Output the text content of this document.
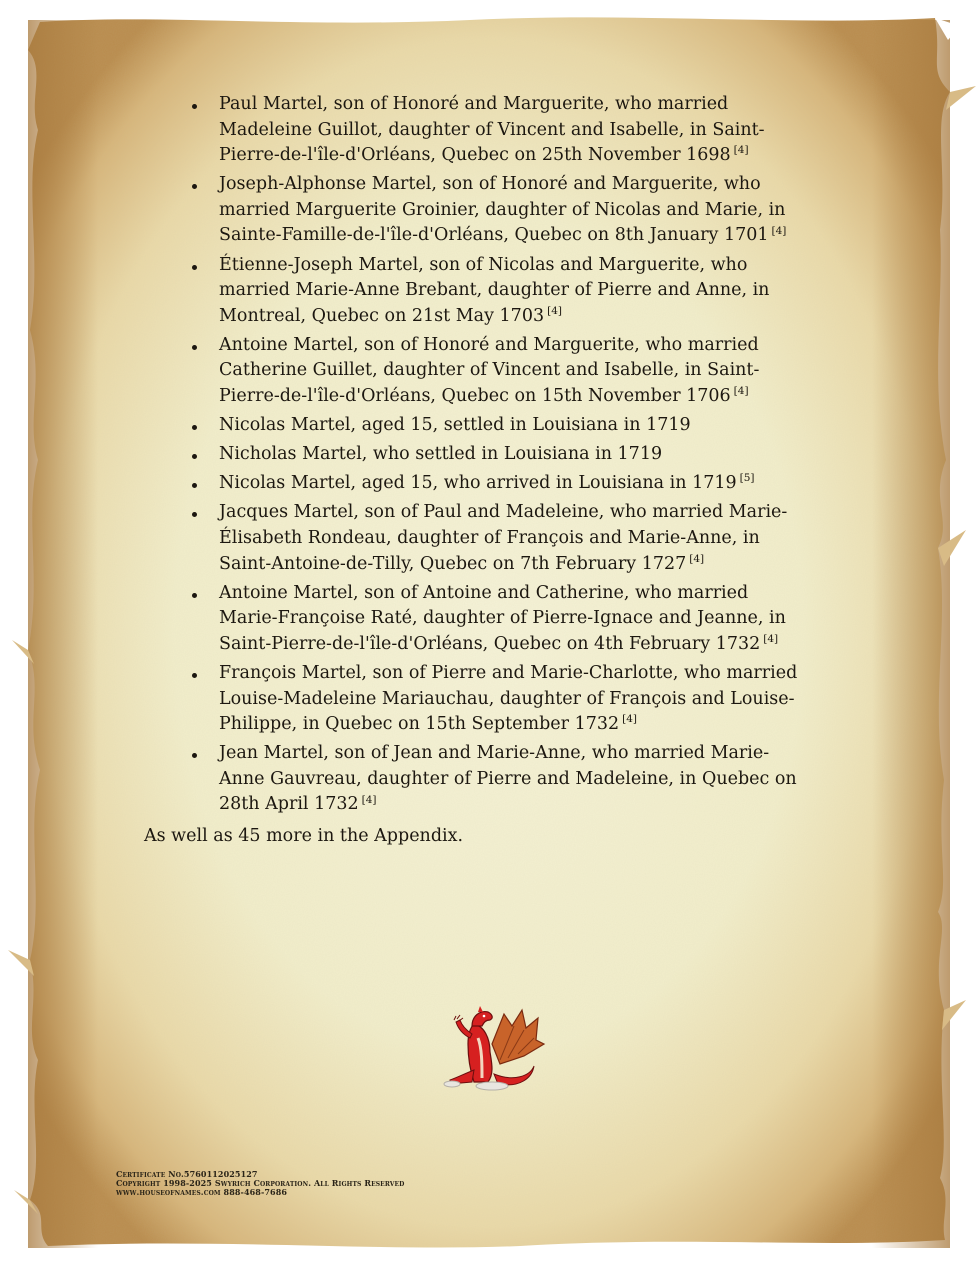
Paul Martel, son of Honoré and Marguerite, who married Madeleine Guillot, daughter of Vincent and Isabelle, in Saint-Pierre-de-l'île-d'Orléans, Quebec on 25th November 1698 [4]
Joseph-Alphonse Martel, son of Honoré and Marguerite, who married Marguerite Groinier, daughter of Nicolas and Marie, in Sainte-Famille-de-l'île-d'Orléans, Quebec on 8th January 1701 [4]
Étienne-Joseph Martel, son of Nicolas and Marguerite, who married Marie-Anne Brebant, daughter of Pierre and Anne, in Montreal, Quebec on 21st May 1703 [4]
Antoine Martel, son of Honoré and Marguerite, who married Catherine Guillet, daughter of Vincent and Isabelle, in Saint-Pierre-de-l'île-d'Orléans, Quebec on 15th November 1706 [4]
Nicolas Martel, aged 15, settled in Louisiana in 1719
Nicholas Martel, who settled in Louisiana in 1719
Nicolas Martel, aged 15, who arrived in Louisiana in 1719 [5]
Jacques Martel, son of Paul and Madeleine, who married Marie-Élisabeth Rondeau, daughter of François and Marie-Anne, in Saint-Antoine-de-Tilly, Quebec on 7th February 1727 [4]
Antoine Martel, son of Antoine and Catherine, who married Marie-Françoise Raté, daughter of Pierre-Ignace and Jeanne, in Saint-Pierre-de-l'île-d'Orléans, Quebec on 4th February 1732 [4]
François Martel, son of Pierre and Marie-Charlotte, who married Louise-Madeleine Mariauchau, daughter of François and Louise-Philippe, in Quebec on 15th September 1732 [4]
Jean Martel, son of Jean and Marie-Anne, who married Marie-Anne Gauvreau, daughter of Pierre and Madeleine, in Quebec on 28th April 1732 [4]
As well as 45 more in the Appendix.
Certificate No.5760112025127
Copyright 1998-2025 Swyrich Corporation. All Rights Reserved
www.houseofnames.com 888-468-7686
